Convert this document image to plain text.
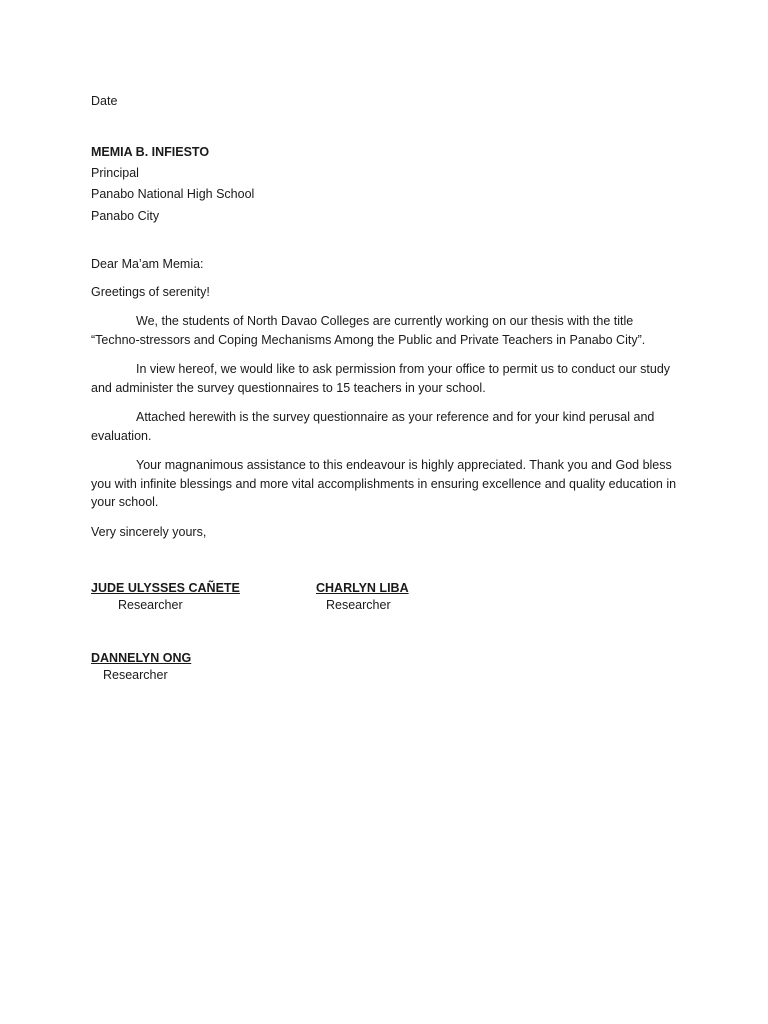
Date
MEMIA B. INFIESTO
Principal
Panabo National High School
Panabo City
Dear Ma’am Memia:
Greetings of serenity!
We, the students of North Davao Colleges are currently working on our thesis with the title “Techno-stressors and Coping Mechanisms Among the Public and Private Teachers in Panabo City”.
In view hereof, we would like to ask permission from your office to permit us to conduct our study and administer the survey questionnaires to 15 teachers in your school.
Attached herewith is the survey questionnaire as your reference and for your kind perusal and evaluation.
Your magnanimous assistance to this endeavour is highly appreciated. Thank you and God bless you with infinite blessings and more vital accomplishments in ensuring excellence and quality education in your school.
Very sincerely yours,
JUDE ULYSSES CAÑETE
Researcher
CHARLYN LIBA
Researcher
DANNELYN ONG
Researcher
